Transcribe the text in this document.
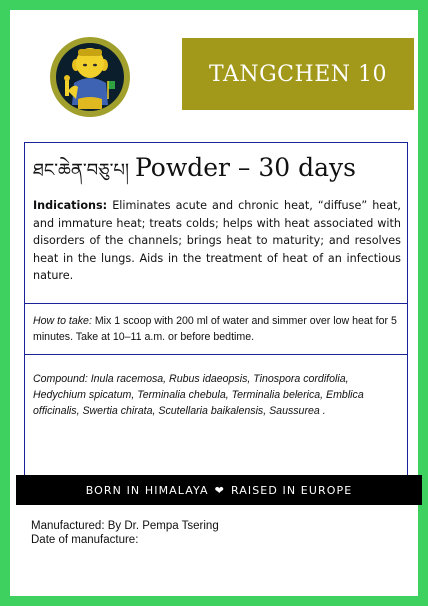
TANGCHEN 10
ཐང་ཆེན་བཅུ་པ། Powder – 30 days

Indications: Eliminates acute and chronic heat, “diffuse” heat, and immature heat; treats colds; helps with heat associated with disorders of the channels; brings heat to maturity; and resolves heat in the lungs. Aids in the treatment of heat of an infectious nature.

How to take: Mix 1 scoop with 200 ml of water and simmer over low heat for 5 minutes. Take at 10–11 a.m. or before bedtime.

Compound: Inula racemosa, Rubus idaeopsis, Tinospora cordifolia, Hedychium spicatum, Terminalia chebula, Terminalia belerica, Emblica officinalis, Swertia chirata, Scutellaria baikalensis, Saussurea .

BORN IN HIMALAYA ❤ RAISED IN EUROPE
Manufactured: By Dr. Pempa Tsering
Date of manufacture:
